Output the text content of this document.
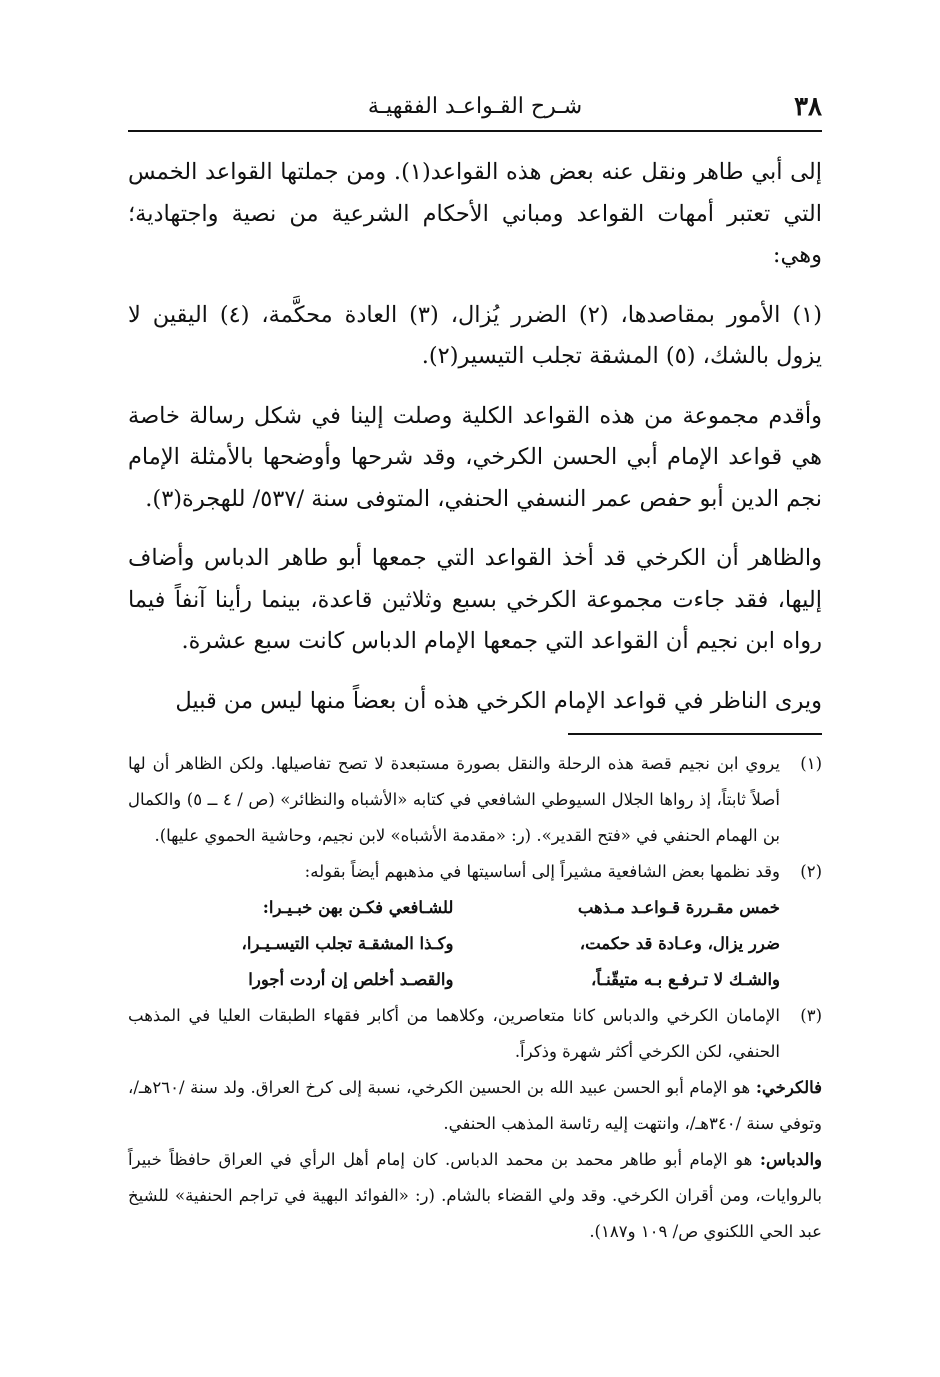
٣٨
شـرح القـواعـد الفقهيـة

إلى أبي طاهر ونقل عنه بعض هذه القواعد(١). ومن جملتها القواعد الخمس التي تعتبر أمهات القواعد ومباني الأحكام الشرعية من نصية واجتهادية؛ وهي:

(١) الأمور بمقاصدها، (٢) الضرر يُزال، (٣) العادة محكَّمة، (٤) اليقين لا يزول بالشك، (٥) المشقة تجلب التيسير(٢).

وأقدم مجموعة من هذه القواعد الكلية وصلت إلينا في شكل رسالة خاصة هي قواعد الإمام أبي الحسن الكرخي، وقد شرحها وأوضحها بالأمثلة الإمام نجم الدين أبو حفص عمر النسفي الحنفي، المتوفى سنة /٥٣٧/ للهجرة(٣).

والظاهر أن الكرخي قد أخذ القواعد التي جمعها أبو طاهر الدباس وأضاف إليها، فقد جاءت مجموعة الكرخي بسبع وثلاثين قاعدة، بينما رأينا آنفاً فيما رواه ابن نجيم أن القواعد التي جمعها الإمام الدباس كانت سبع عشرة.

ويرى الناظر في قواعد الإمام الكرخي هذه أن بعضاً منها ليس من قبيل

(١)
يروي ابن نجيم قصة هذه الرحلة والنقل بصورة مستبعدة لا تصح تفاصيلها. ولكن الظاهر أن لها أصلاً ثابتاً، إذ رواها الجلال السيوطي الشافعي في كتابه «الأشباه والنظائر» (ص / ٤ ــ ٥) والكمال بن الهمام الحنفي في «فتح القدير». (ر: «مقدمة الأشباه» لابن نجيم، وحاشية الحموي عليها).
(٢)
وقد نظمها بعض الشافعية مشيراً إلى أساسيتها في مذهبهم أيضاً بقوله:
خمس مقـررة قـواعـد مـذهب
للشـافعي فكـن بهن خبـيـرا:
ضرر يزال، وعـادة قد حكمت،
وكـذا المشقـة تجلب التيسـيـرا،
والشـك لا تـرفـع بـه متيقّنـاً،
والقصـد أخلص إن أردت أجورا
(٣)
الإمامان الكرخي والدباس كانا متعاصرين، وكلاهما من أكابر فقهاء الطبقات العليا في المذهب الحنفي، لكن الكرخي أكثر شهرة وذكراً.

فالكرخي: هو الإمام أبو الحسن عبيد الله بن الحسين الكرخي، نسبة إلى كرخ العراق. ولد سنة /٢٦٠هـ/، وتوفي سنة /٣٤٠هـ/، وانتهت إليه رئاسة المذهب الحنفي.

والدباس: هو الإمام أبو طاهر محمد بن محمد الدباس. كان إمام أهل الرأي في العراق حافظاً خبيراً بالروايات، ومن أقران الكرخي. وقد ولي القضاء بالشام. (ر: «الفوائد البهية في تراجم الحنفية» للشيخ عبد الحي اللكنوي ص/ ١٠٩ و١٨٧).
